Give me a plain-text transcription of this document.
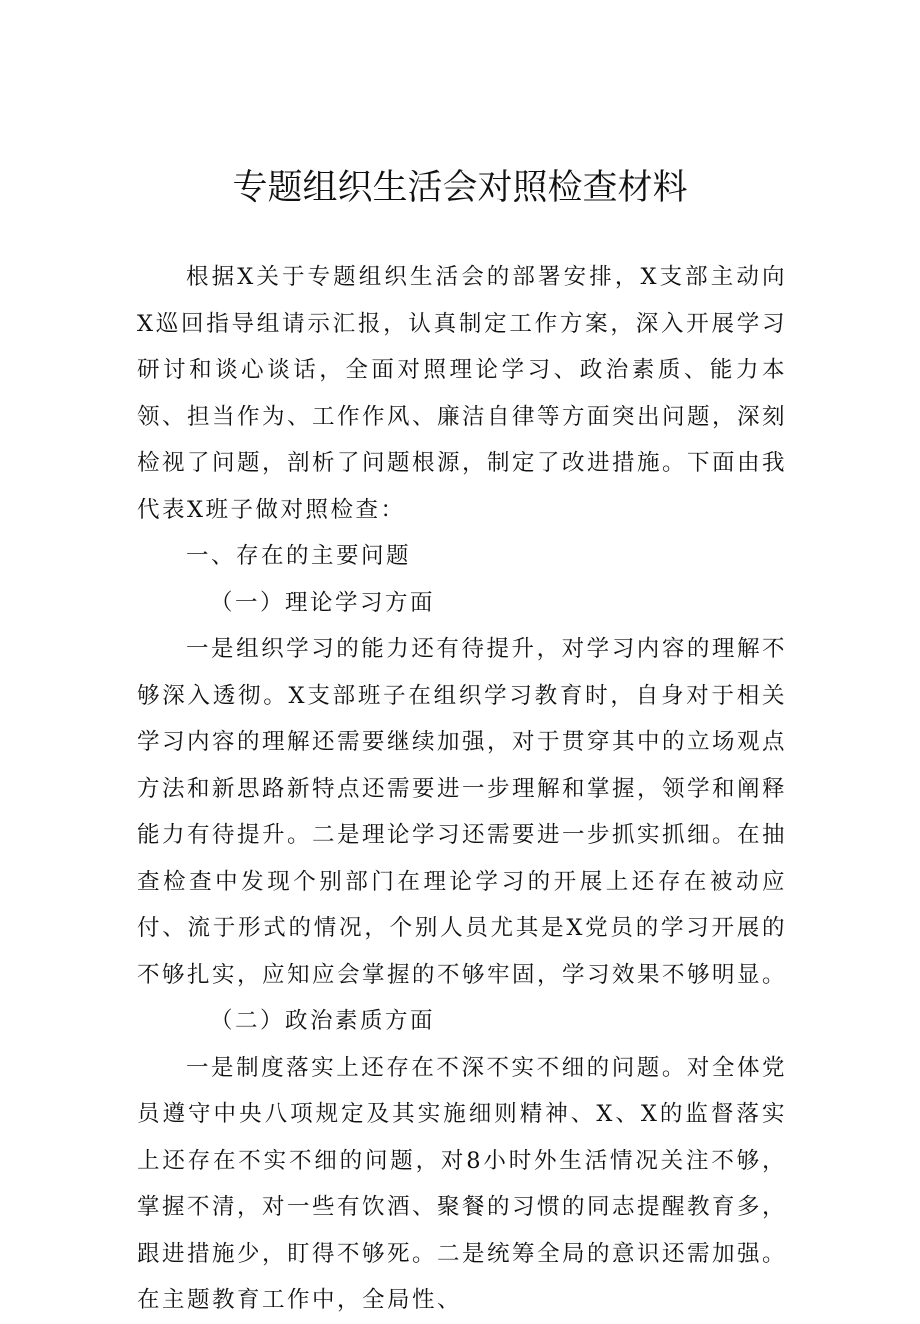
专题组织生活会对照检查材料

根据X关于专题组织生活会的部署安排，X支部主动向X巡回指导组请示汇报，认真制定工作方案，深入开展学习研讨和谈心谈话，全面对照理论学习、政治素质、能力本领、担当作为、工作作风、廉洁自律等方面突出问题，深刻检视了问题，剖析了问题根源，制定了改进措施。下面由我代表X班子做对照检查：

一、存在的主要问题

（一）理论学习方面

一是组织学习的能力还有待提升，对学习内容的理解不够深入透彻。X支部班子在组织学习教育时，自身对于相关学习内容的理解还需要继续加强，对于贯穿其中的立场观点方法和新思路新特点还需要进一步理解和掌握，领学和阐释能力有待提升。二是理论学习还需要进一步抓实抓细。在抽查检查中发现个别部门在理论学习的开展上还存在被动应付、流于形式的情况，个别人员尤其是X党员的学习开展的不够扎实，应知应会掌握的不够牢固，学习效果不够明显。

（二）政治素质方面

一是制度落实上还存在不深不实不细的问题。对全体党员遵守中央八项规定及其实施细则精神、X、X的监督落实上还存在不实不细的问题，对8小时外生活情况关注不够，掌握不清，对一些有饮酒、聚餐的习惯的同志提醒教育多，跟进措施少，盯得不够死。二是统筹全局的意识还需加强。在主题教育工作中，全局性、
